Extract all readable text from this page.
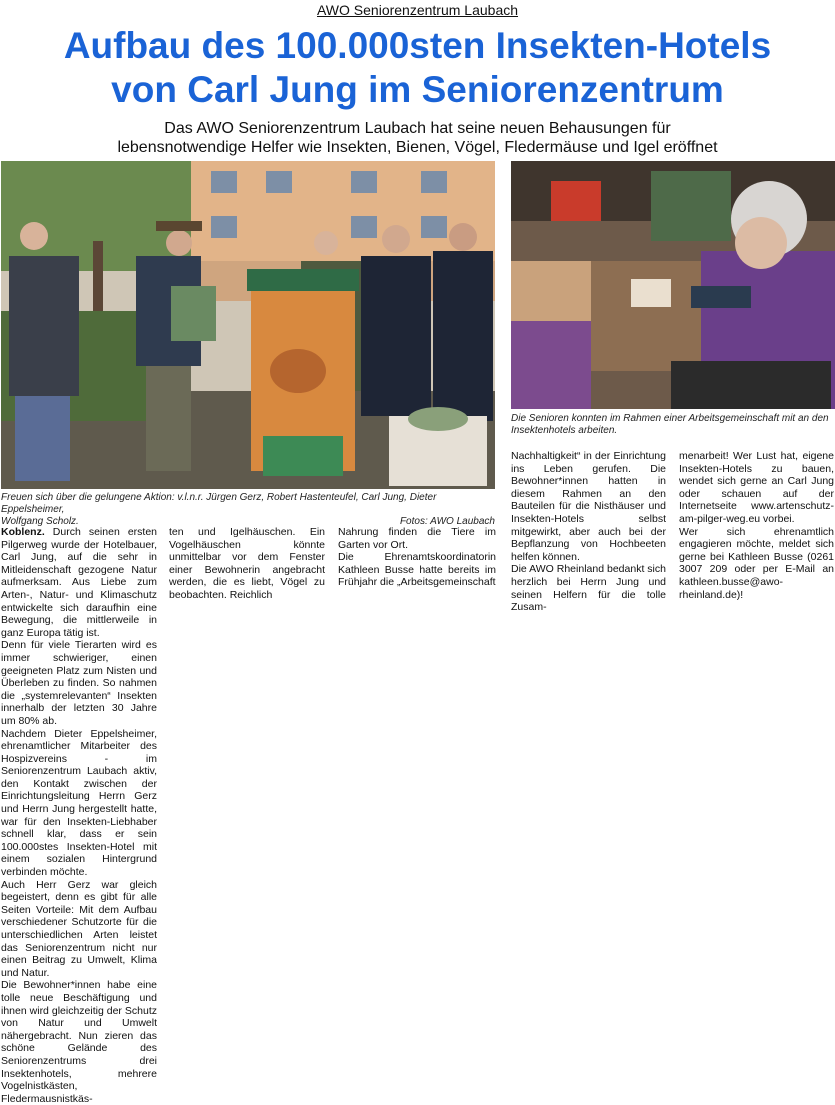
AWO Seniorenzentrum Laubach
Aufbau des 100.000sten Insekten-Hotels
von Carl Jung im Seniorenzentrum
Das AWO Seniorenzentrum Laubach hat seine neuen Behausungen für
lebensnotwendige Helfer wie Insekten, Bienen, Vögel, Fledermäuse und Igel eröffnet
Freuen sich über die gelungene Aktion: v.l.n.r. Jürgen Gerz, Robert Hastenteufel, Carl Jung, Dieter Eppelsheimer,
Wolfgang Scholz.	Fotos: AWO Laubach
Die Senioren konnten im Rahmen einer Arbeitsgemeinschaft mit an den
Insektenhotels arbeiten.

Koblenz. Durch seinen ersten Pilgerweg wurde der Hotelbauer, Carl Jung, auf die sehr in Mitleidenschaft gezogene Natur aufmerksam. Aus Liebe zum Arten-, Natur- und Klimaschutz entwickelte sich daraufhin eine Bewegung, die mittlerweile in ganz Europa tätig ist.

Denn für viele Tierarten wird es immer schwieriger, einen geeigneten Platz zum Nisten und Überleben zu finden. So nahmen die „systemrelevanten“ Insekten innerhalb der letzten 30 Jahre um 80% ab.

Nachdem Dieter Eppelsheimer, ehrenamtlicher Mitarbeiter des Hospizvereins - im Seniorenzentrum Laubach aktiv, den Kontakt zwischen der Einrichtungsleitung Herrn Gerz und Herrn Jung hergestellt hatte, war für den Insekten-Liebhaber schnell klar, dass er sein 100.000stes Insekten-Hotel mit einem sozialen Hintergrund verbinden möchte.

Auch Herr Gerz war gleich begeistert, denn es gibt für alle Seiten Vorteile: Mit dem Aufbau verschiedener Schutzorte für die unterschiedlichen Arten leistet das Seniorenzentrum nicht nur einen Beitrag zu Umwelt, Klima und Natur.

Die Bewohner*innen habe eine tolle neue Beschäftigung und ihnen wird gleichzeitig der Schutz von Natur und Umwelt nähergebracht. Nun zieren das schöne Gelände des Seniorenzentrums drei Insektenhotels, mehrere Vogelnistkästen, Fledermausnistkäs-

ten und Igelhäuschen. Ein Vogelhäuschen könnte unmittelbar vor dem Fenster einer Bewohnerin angebracht werden, die es liebt, Vögel zu beobachten. Reichlich

Nahrung finden die Tiere im Garten vor Ort.

Die Ehrenamtskoordinatorin Kathleen Busse hatte bereits im Frühjahr die „Arbeitsgemeinschaft

Nachhaltigkeit“ in der Einrichtung ins Leben gerufen. Die Bewohner*innen hatten in diesem Rahmen an den Bauteilen für die Nisthäuser und Insekten-Hotels selbst mitgewirkt, aber auch bei der Bepflanzung von Hochbeeten helfen können.

Die AWO Rheinland bedankt sich herzlich bei Herrn Jung und seinen Helfern für die tolle Zusam-

menarbeit! Wer Lust hat, eigene Insekten-Hotels zu bauen, wendet sich gerne an Carl Jung oder schauen auf der Internetseite www.artenschutz-am-pilger-weg.eu vorbei.

Wer sich ehrenamtlich engagieren möchte, meldet sich gerne bei Kathleen Busse (0261 3007 209 oder per E-Mail an kathleen.busse@awo-rheinland.de)!
